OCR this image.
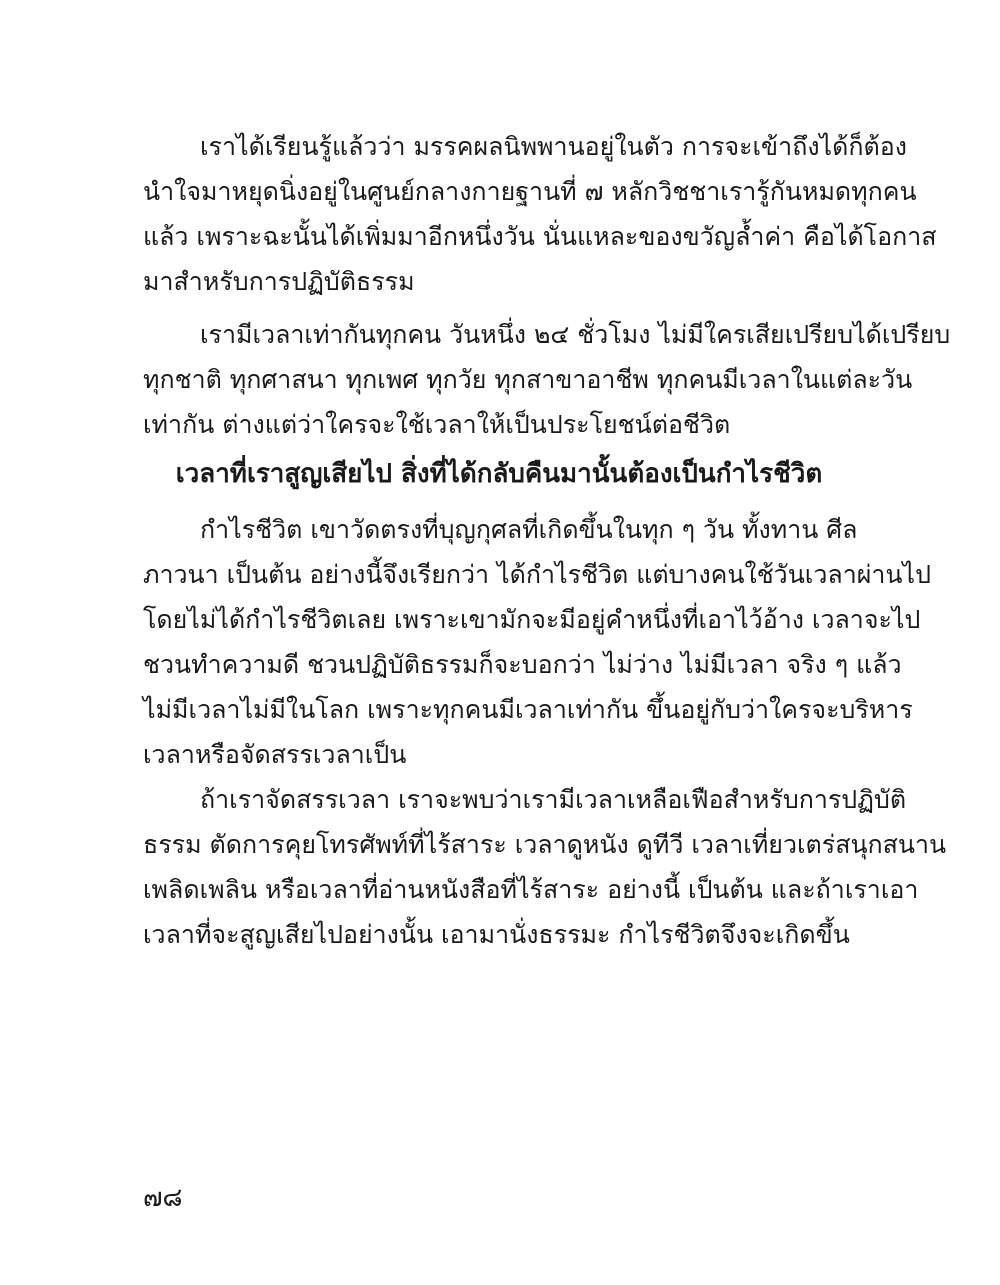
เราได้เรียนรู้แล้วว่า มรรคผลนิพพานอยู่ในตัว การจะเข้าถึงได้ก็ต้อง
นำใจมาหยุดนิ่งอยู่ในศูนย์กลางกายฐานที่ ๗ หลักวิชชาเรารู้กันหมดทุกคน
แล้ว เพราะฉะนั้นได้เพิ่มมาอีกหนึ่งวัน นั่นแหละของขวัญล้ำค่า คือได้โอกาส
มาสำหรับการปฏิบัติธรรม
เรามีเวลาเท่ากันทุกคน วันหนึ่ง ๒๔ ชั่วโมง ไม่มีใครเสียเปรียบได้เปรียบ
ทุกชาติ ทุกศาสนา ทุกเพศ ทุกวัย ทุกสาขาอาชีพ ทุกคนมีเวลาในแต่ละวัน
เท่ากัน ต่างแต่ว่าใครจะใช้เวลาให้เป็นประโยชน์ต่อชีวิต
เวลาที่เราสูญเสียไป สิ่งที่ได้กลับคืนมานั้นต้องเป็นกำไรชีวิต
กำไรชีวิต เขาวัดตรงที่บุญกุศลที่เกิดขึ้นในทุก ๆ วัน ทั้งทาน ศีล
ภาวนา เป็นต้น อย่างนี้จึงเรียกว่า ได้กำไรชีวิต แต่บางคนใช้วันเวลาผ่านไป
โดยไม่ได้กำไรชีวิตเลย เพราะเขามักจะมีอยู่คำหนึ่งที่เอาไว้อ้าง เวลาจะไป
ชวนทำความดี ชวนปฏิบัติธรรมก็จะบอกว่า ไม่ว่าง ไม่มีเวลา จริง ๆ แล้ว
ไม่มีเวลาไม่มีในโลก เพราะทุกคนมีเวลาเท่ากัน ขึ้นอยู่กับว่าใครจะบริหาร
เวลาหรือจัดสรรเวลาเป็น
ถ้าเราจัดสรรเวลา เราจะพบว่าเรามีเวลาเหลือเฟือสำหรับการปฏิบัติ
ธรรม ตัดการคุยโทรศัพท์ที่ไร้สาระ เวลาดูหนัง ดูทีวี เวลาเที่ยวเตร่สนุกสนาน
เพลิดเพลิน หรือเวลาที่อ่านหนังสือที่ไร้สาระ อย่างนี้ เป็นต้น และถ้าเราเอา
เวลาที่จะสูญเสียไปอย่างนั้น เอามานั่งธรรมะ กำไรชีวิตจึงจะเกิดขึ้น
๗๘
